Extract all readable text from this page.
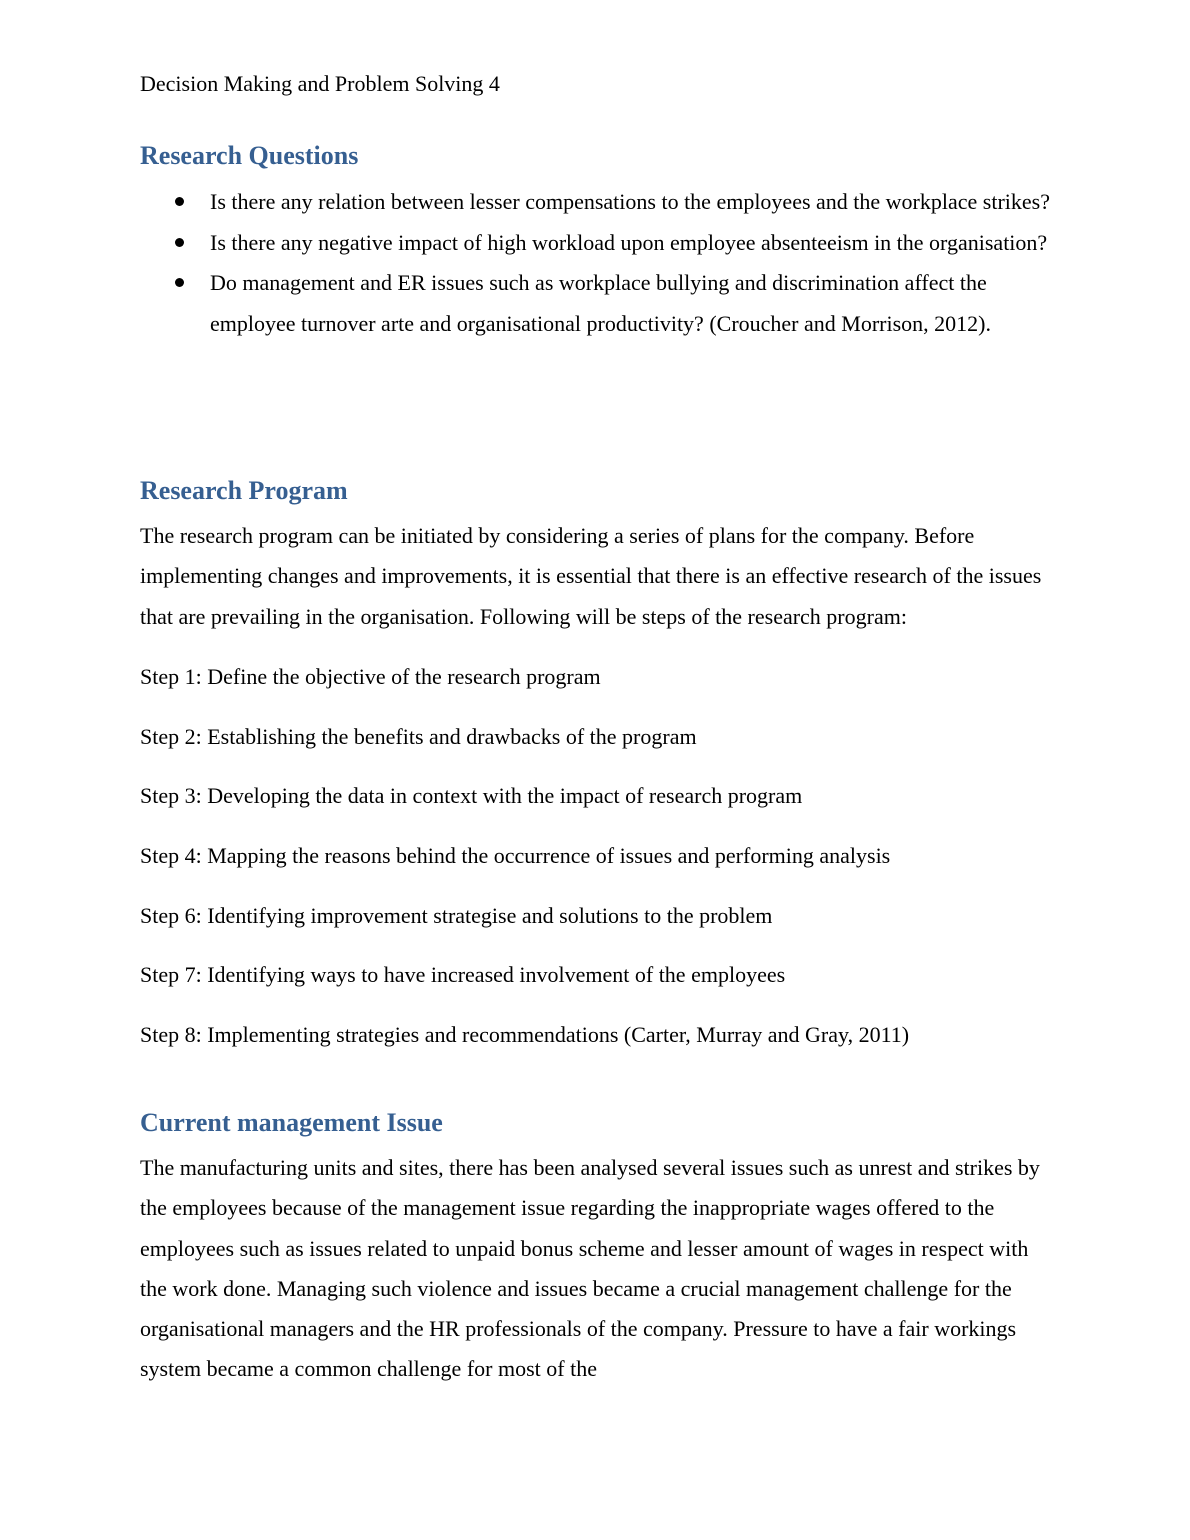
Decision Making and Problem Solving 4
Research Questions
Is there any relation between lesser compensations to the employees and the workplace strikes?
Is there any negative impact of high workload upon employee absenteeism in the organisation?
Do management and ER issues such as workplace bullying and discrimination affect the employee turnover arte and organisational productivity? (Croucher and Morrison, 2012).
Research Program

The research program can be initiated by considering a series of plans for the company. Before implementing changes and improvements, it is essential that there is an effective research of the issues that are prevailing in the organisation. Following will be steps of the research program:

Step 1: Define the objective of the research program
Step 2: Establishing the benefits and drawbacks of the program
Step 3: Developing the data in context with the impact of research program
Step 4: Mapping the reasons behind the occurrence of issues and performing analysis
Step 6: Identifying improvement strategise and solutions to the problem
Step 7: Identifying ways to have increased involvement of the employees
Step 8: Implementing strategies and recommendations (Carter, Murray and Gray, 2011)
Current management Issue

The manufacturing units and sites, there has been analysed several issues such as unrest and strikes by the employees because of the management issue regarding the inappropriate wages offered to the employees such as issues related to unpaid bonus scheme and lesser amount of wages in respect with the work done. Managing such violence and issues became a crucial management challenge for the organisational managers and the HR professionals of the company. Pressure to have a fair workings system became a common challenge for most of the
